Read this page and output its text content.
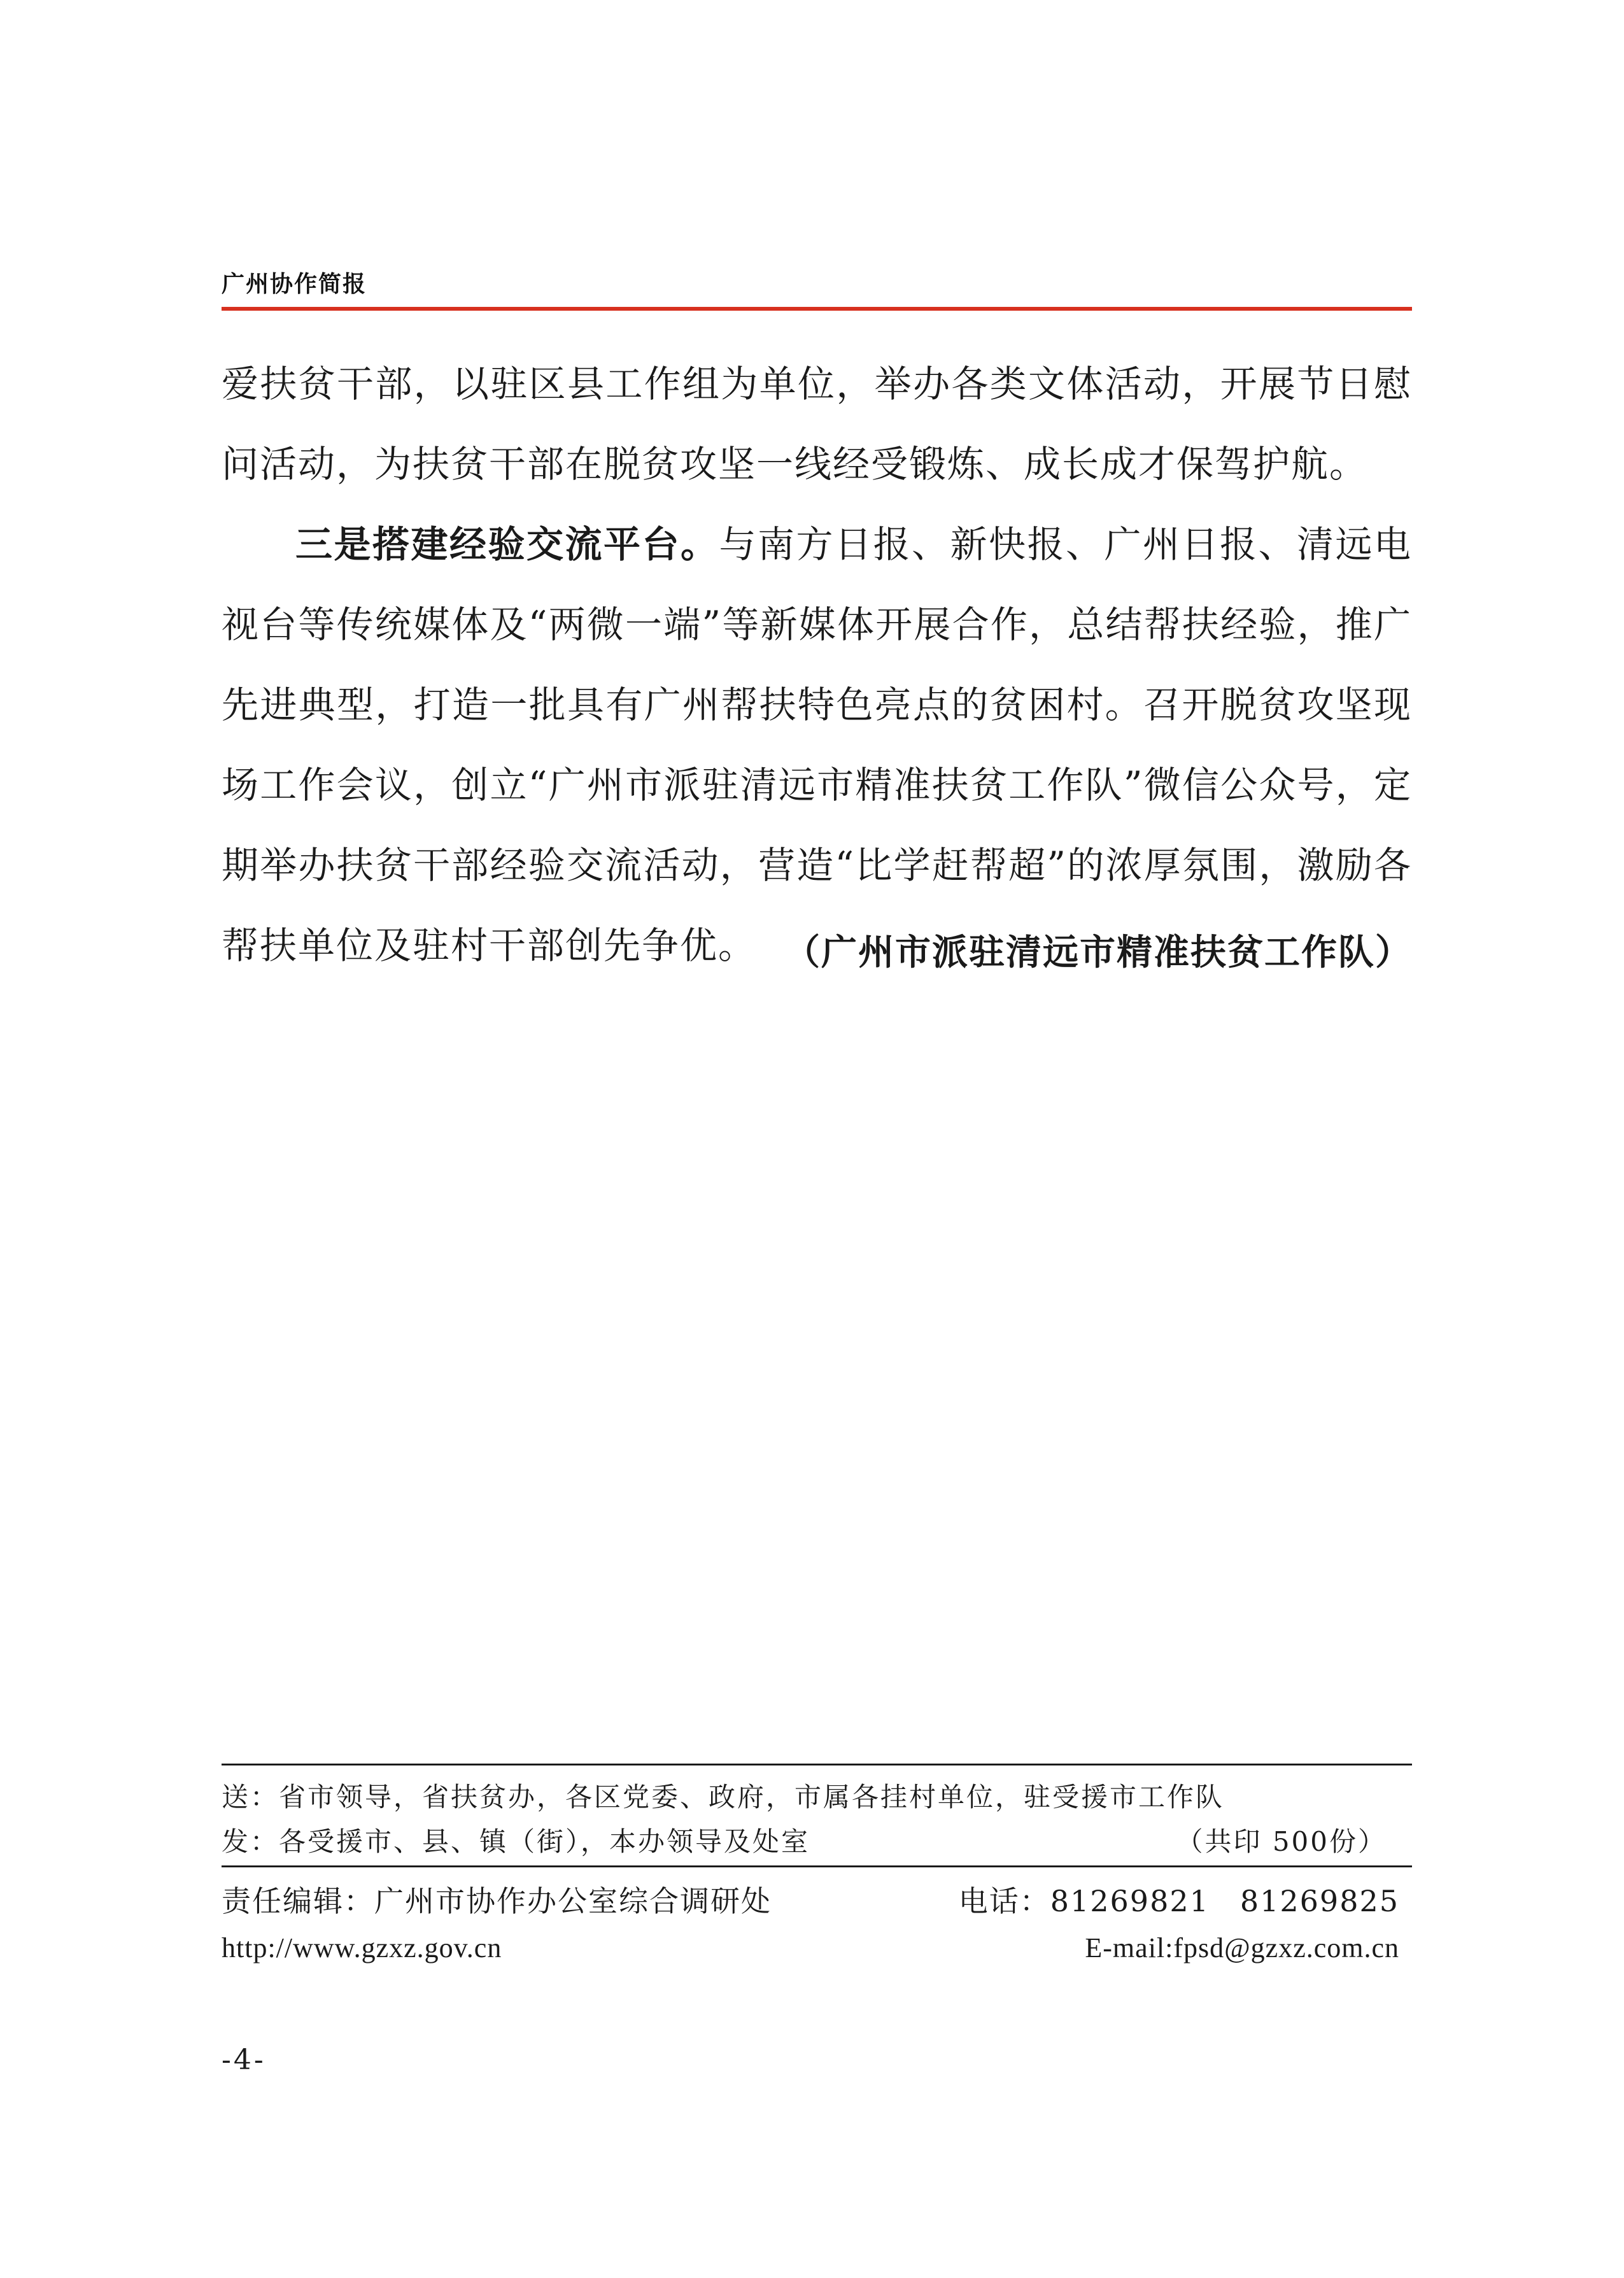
广州协作简报

爱扶贫干部，以驻区县工作组为单位，举办各类文体活动，开展节日慰问活动，为扶贫干部在脱贫攻坚一线经受锻炼、成长成才保驾护航。

三是搭建经验交流平台。与南方日报、新快报、广州日报、清远电视台等传统媒体及“两微一端”等新媒体开展合作，总结帮扶经验，推广先进典型，打造一批具有广州帮扶特色亮点的贫困村。召开脱贫攻坚现场工作会议，创立“广州市派驻清远市精准扶贫工作队”微信公众号，定期举办扶贫干部经验交流活动，营造“比学赶帮超”的浓厚氛围，激励各帮扶单位及驻村干部创先争优。 （广州市派驻清远市精准扶贫工作队）
送：省市领导，省扶贫办，各区党委、政府，市属各挂村单位，驻受援市工作队
发：各受援市、县、镇（街），本办领导及处室	（共印 500份）
责任编辑：广州市协作办公室综合调研处	电话：81269821　81269825
http://www.gzxz.gov.cn	E-mail:fpsd@gzxz.com.cn
-4-
